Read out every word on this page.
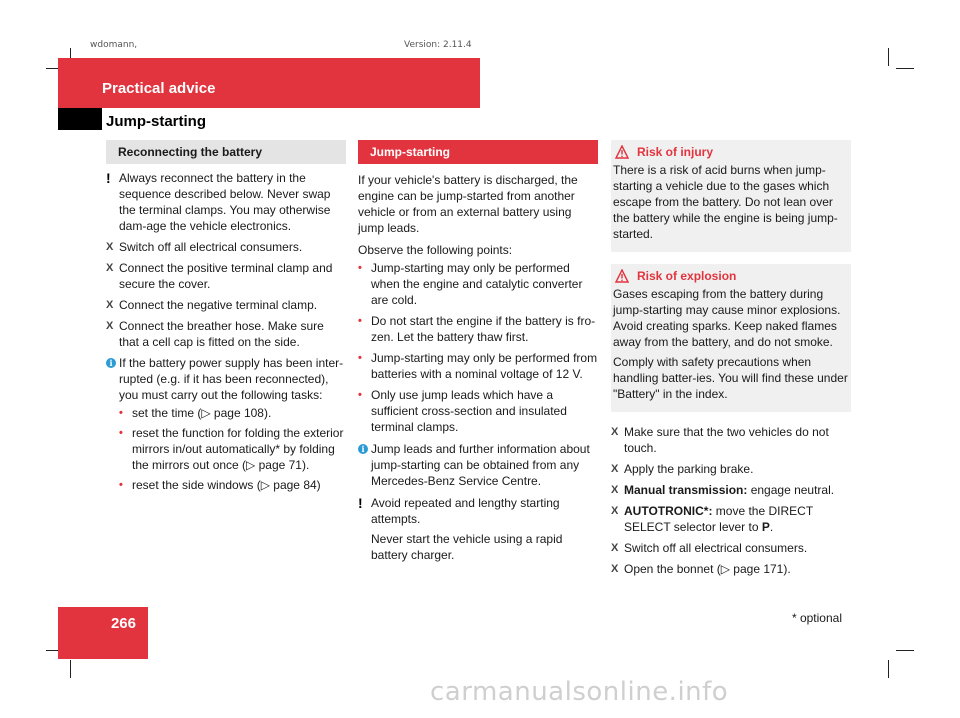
wdomann,	Version: 2.11.4
Practical advice
Jump-starting
Reconnecting the battery
! Always reconnect the battery in the sequence described below. Never swap the terminal clamps. You may otherwise dam-age the vehicle electronics.
X Switch off all electrical consumers.
X Connect the positive terminal clamp and secure the cover.
X Connect the negative terminal clamp.
X Connect the breather hose. Make sure that a cell cap is fitted on the side.
i If the battery power supply has been inter-rupted (e.g. if it has been reconnected), you must carry out the following tasks:
• set the time (▷ page 108).
• reset the function for folding the exterior mirrors in/out automatically* by folding the mirrors out once (▷ page 71).
• reset the side windows (▷ page 84)
Jump-starting

If your vehicle's battery is discharged, the engine can be jump-started from another vehicle or from an external battery using jump leads.

Observe the following points:

• Jump-starting may only be performed when the engine and catalytic converter are cold.
• Do not start the engine if the battery is fro-zen. Let the battery thaw first.
• Jump-starting may only be performed from batteries with a nominal voltage of 12 V.
• Only use jump leads which have a sufficient cross-section and insulated terminal clamps.
i Jump leads and further information about jump-starting can be obtained from any Mercedes-Benz Service Centre.
! Avoid repeated and lengthy starting attempts.
Never start the vehicle using a rapid battery charger.
Risk of injury

There is a risk of acid burns when jump-starting a vehicle due to the gases which escape from the battery. Do not lean over the battery while the engine is being jump-started.

Risk of explosion

Gases escaping from the battery during jump-starting may cause minor explosions. Avoid creating sparks. Keep naked flames away from the battery, and do not smoke.

Comply with safety precautions when handling batter-ies. You will find these under "Battery" in the index.

X Make sure that the two vehicles do not touch.
X Apply the parking brake.
X Manual transmission: engage neutral.
X AUTOTRONIC*: move the DIRECT SELECT selector lever to P.
X Switch off all electrical consumers.
X Open the bonnet (▷ page 171).
266	* optional
carmanualsonline.info
